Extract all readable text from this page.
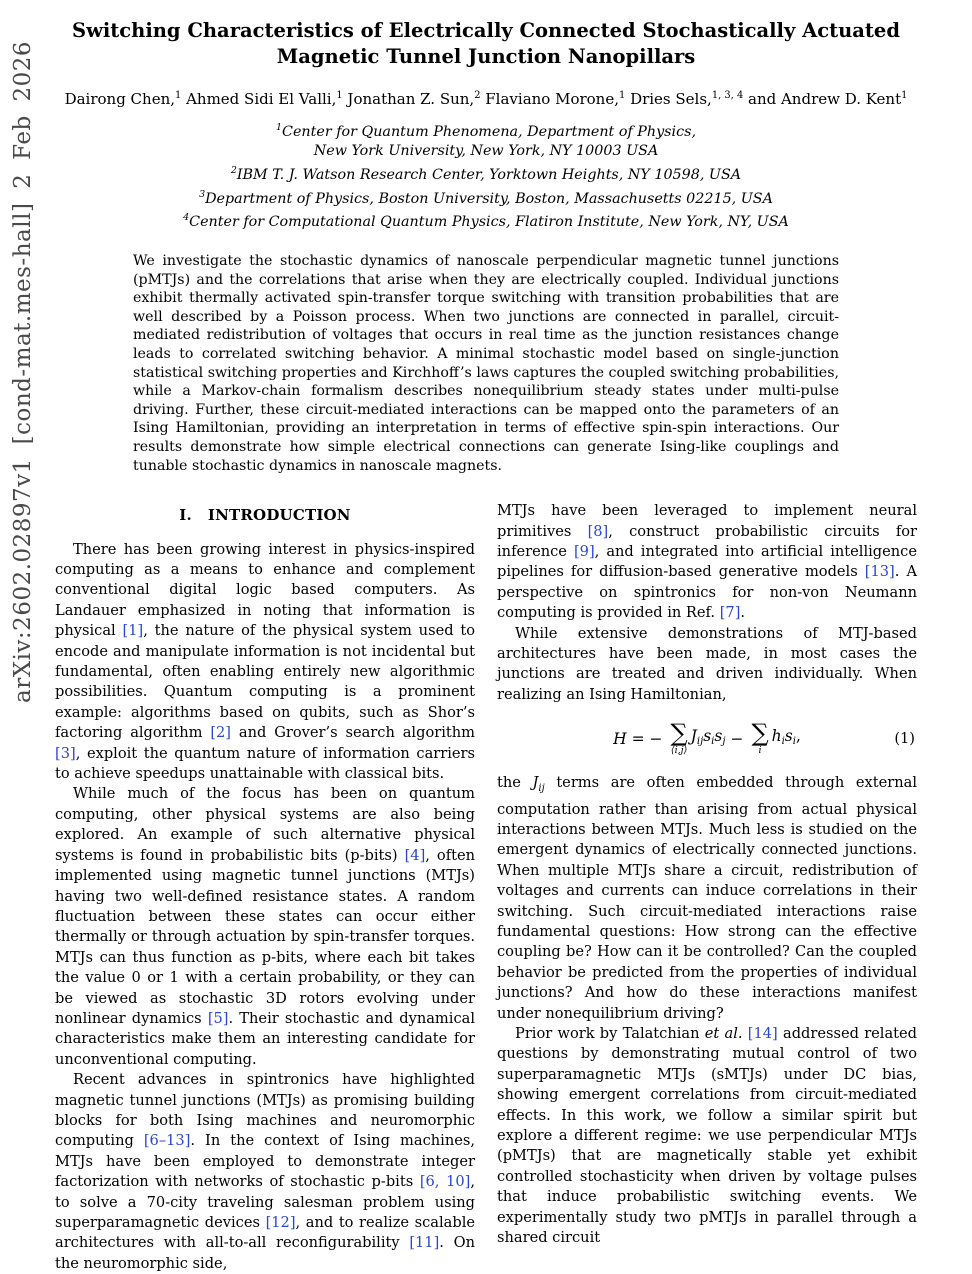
arXiv:2602.02897v1 [cond-mat.mes-hall] 2 Feb 2026
Switching Characteristics of Electrically Connected Stochastically Actuated Magnetic Tunnel Junction Nanopillars
Dairong Chen,$^1$ Ahmed Sidi El Valli,$^1$ Jonathan Z. Sun,$^2$ Flaviano Morone,$^1$ Dries Sels,$^{1, 3, 4}$ and Andrew D. Kent$^1$
$^1$Center for Quantum Phenomena, Department of Physics,
New York University, New York, NY 10003 USA
$^2$IBM T. J. Watson Research Center, Yorktown Heights, NY 10598, USA
$^3$Department of Physics, Boston University, Boston, Massachusetts 02215, USA
$^4$Center for Computational Quantum Physics, Flatiron Institute, New York, NY, USA
We investigate the stochastic dynamics of nanoscale perpendicular magnetic tunnel junctions (pMTJs) and the correlations that arise when they are electrically coupled. Individual junctions exhibit thermally activated spin-transfer torque switching with transition probabilities that are well described by a Poisson process. When two junctions are connected in parallel, circuit-mediated redistribution of voltages that occurs in real time as the junction resistances change leads to correlated switching behavior. A minimal stochastic model based on single-junction statistical switching properties and Kirchhoff’s laws captures the coupled switching probabilities, while a Markov-chain formalism describes nonequilibrium steady states under multi-pulse driving. Further, these circuit-mediated interactions can be mapped onto the parameters of an Ising Hamiltonian, providing an interpretation in terms of effective spin-spin interactions. Our results demonstrate how simple electrical connections can generate Ising-like couplings and tunable stochastic dynamics in nanoscale magnets.
I. INTRODUCTION

There has been growing interest in physics-inspired computing as a means to enhance and complement conventional digital logic based computers. As Landauer emphasized in noting that information is physical [1], the nature of the physical system used to encode and manipulate information is not incidental but fundamental, often enabling entirely new algorithmic possibilities. Quantum computing is a prominent example: algorithms based on qubits, such as Shor’s factoring algorithm [2] and Grover’s search algorithm [3], exploit the quantum nature of information carriers to achieve speedups unattainable with classical bits.

While much of the focus has been on quantum computing, other physical systems are also being explored. An example of such alternative physical systems is found in probabilistic bits (p-bits) [4], often implemented using magnetic tunnel junctions (MTJs) having two well-defined resistance states. A random fluctuation between these states can occur either thermally or through actuation by spin-transfer torques. MTJs can thus function as p-bits, where each bit takes the value 0 or 1 with a certain probability, or they can be viewed as stochastic 3D rotors evolving under nonlinear dynamics [5]. Their stochastic and dynamical characteristics make them an interesting candidate for unconventional computing.

Recent advances in spintronics have highlighted magnetic tunnel junctions (MTJs) as promising building blocks for both Ising machines and neuromorphic computing [6–13]. In the context of Ising machines, MTJs have been employed to demonstrate integer factorization with networks of stochastic p-bits [6, 10], to solve a 70-city traveling salesman problem using superparamagnetic devices [12], and to realize scalable architectures with all-to-all reconfigurability [11]. On the neuromorphic side,

MTJs have been leveraged to implement neural primitives [8], construct probabilistic circuits for inference [9], and integrated into artificial intelligence pipelines for diffusion-based generative models [13]. A perspective on spintronics for non-von Neumann computing is provided in Ref. [7].

While extensive demonstrations of MTJ-based architectures have been made, in most cases the junctions are treated and driven individually. When realizing an Ising Hamiltonian,

H = − ∑
⟨i,j⟩
$J_{ij}s_is_j$ − ∑
i
$h_is_i$,	(1)

the $J_{ij}$ terms are often embedded through external computation rather than arising from actual physical interactions between MTJs. Much less is studied on the emergent dynamics of electrically connected junctions. When multiple MTJs share a circuit, redistribution of voltages and currents can induce correlations in their switching. Such circuit-mediated interactions raise fundamental questions: How strong can the effective coupling be? How can it be controlled? Can the coupled behavior be predicted from the properties of individual junctions? And how do these interactions manifest under nonequilibrium driving?

Prior work by Talatchian et al. [14] addressed related questions by demonstrating mutual control of two superparamagnetic MTJs (sMTJs) under DC bias, showing emergent correlations from circuit-mediated effects. In this work, we follow a similar spirit but explore a different regime: we use perpendicular MTJs (pMTJs) that are magnetically stable yet exhibit controlled stochasticity when driven by voltage pulses that induce probabilistic switching events. We experimentally study two pMTJs in parallel through a shared circuit
